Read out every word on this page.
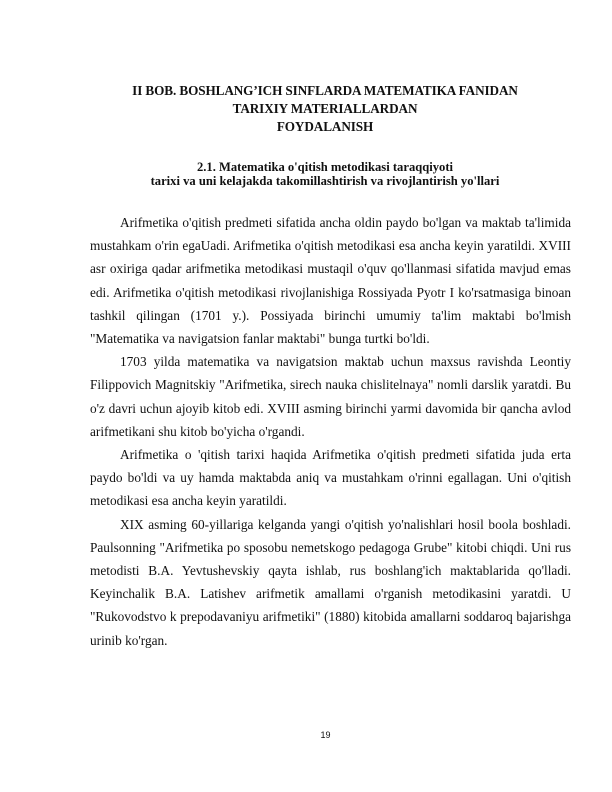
II BOB. BOSHLANG’ICH SINFLARDA MATEMATIKA FANIDAN
TARIXIY MATERIALLARDAN
FOYDALANISH
2.1. Matematika o'qitish metodikasi taraqqiyoti
tarixi va uni kelajakda takomillashtirish va rivojlantirish yo'llari

Arifmetika o'qitish predmeti sifatida ancha oldin paydo bo'lgan va maktab ta'limida mustahkam o'rin egaUadi. Arifmetika o'qitish metodikasi esa ancha keyin yaratildi. XVIII asr oxiriga qadar arifmetika metodikasi mustaqil o'quv qo'llanmasi sifatida mavjud emas edi. Arifmetika o'qitish metodikasi rivojlanishiga Rossiyada Pyotr I ko'rsatmasiga binoan tashkil qilingan (1701 y.). Possiyada birinchi umumiy ta'lim maktabi bo'lmish "Matematika va navigatsion fanlar maktabi" bunga turtki bo'ldi.

1703 yilda matematika va navigatsion maktab uchun maxsus ravishda Leontiy Filippovich Magnitskiy "Arifmetika, sirech nauka chislitelnaya" nomli darslik yaratdi. Bu o'z davri uchun ajoyib kitob edi. XVIII asming birinchi yarmi davomida bir qancha avlod arifmetikani shu kitob bo'yicha o'rgandi.

Arifmetika o 'qitish tarixi haqida Arifmetika o'qitish predmeti sifatida juda erta paydo bo'ldi va uy hamda maktabda aniq va mustahkam o'rinni egallagan. Uni o'qitish metodikasi esa ancha keyin yaratildi.

XIX asming 60-yillariga kelganda yangi o'qitish yo'nalishlari hosil boola boshladi. Paulsonning "Arifmetika po sposobu nemetskogo pedagoga Grube" kitobi chiqdi. Uni rus metodisti B.A. Yevtushevskiy qayta ishlab, rus boshlang'ich maktablarida qo'lladi. Keyinchalik B.A. Latishev arifmetik amallami o'rganish metodikasini yaratdi. U "Rukovodstvo k prepodavaniyu arifmetiki" (1880) kitobida amallarni soddaroq bajarishga urinib ko'rgan.

19
